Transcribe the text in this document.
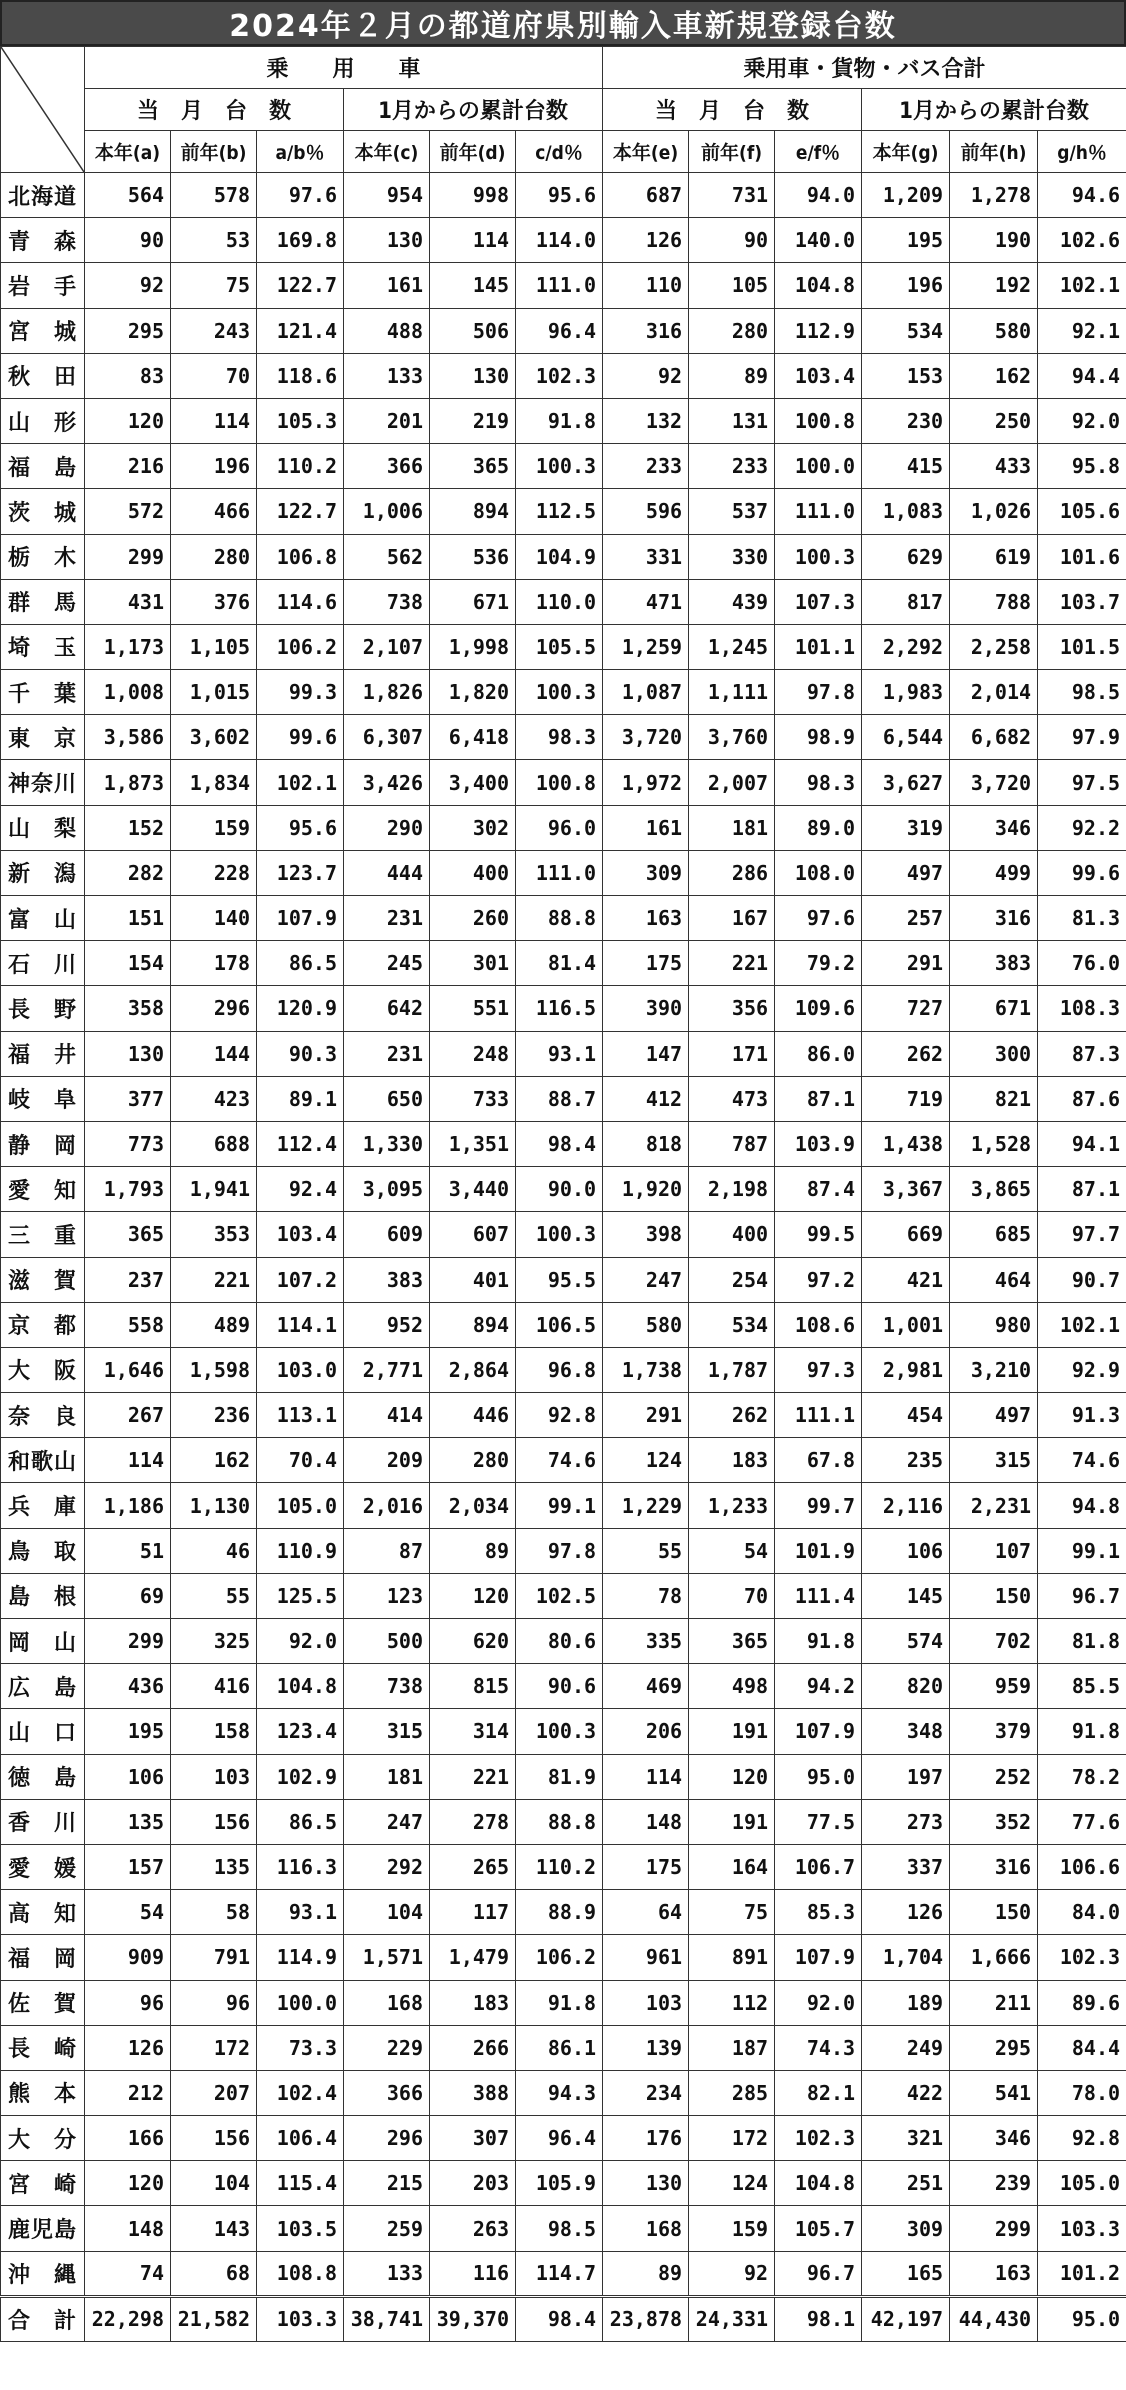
2024年２月の都道府県別輸入車新規登録台数
	乗　　用　　車						乗用車・貨物・バス合計					
	当　月　台　数			1月からの累計台数			当　月　台　数			1月からの累計台数		
	本年(a)	前年(b)	a/b％	本年(c)	前年(d)	c/d％	本年(e)	前年(f)	e/f％	本年(g)	前年(h)	g/h％
北海道	564	578	97.6	954	998	95.6	687	731	94.0	1,209	1,278	94.6
青　森	90	53	169.8	130	114	114.0	126	90	140.0	195	190	102.6
岩　手	92	75	122.7	161	145	111.0	110	105	104.8	196	192	102.1
宮　城	295	243	121.4	488	506	96.4	316	280	112.9	534	580	92.1
秋　田	83	70	118.6	133	130	102.3	92	89	103.4	153	162	94.4
山　形	120	114	105.3	201	219	91.8	132	131	100.8	230	250	92.0
福　島	216	196	110.2	366	365	100.3	233	233	100.0	415	433	95.8
茨　城	572	466	122.7	1,006	894	112.5	596	537	111.0	1,083	1,026	105.6
栃　木	299	280	106.8	562	536	104.9	331	330	100.3	629	619	101.6
群　馬	431	376	114.6	738	671	110.0	471	439	107.3	817	788	103.7
埼　玉	1,173	1,105	106.2	2,107	1,998	105.5	1,259	1,245	101.1	2,292	2,258	101.5
千　葉	1,008	1,015	99.3	1,826	1,820	100.3	1,087	1,111	97.8	1,983	2,014	98.5
東　京	3,586	3,602	99.6	6,307	6,418	98.3	3,720	3,760	98.9	6,544	6,682	97.9
神奈川	1,873	1,834	102.1	3,426	3,400	100.8	1,972	2,007	98.3	3,627	3,720	97.5
山　梨	152	159	95.6	290	302	96.0	161	181	89.0	319	346	92.2
新　潟	282	228	123.7	444	400	111.0	309	286	108.0	497	499	99.6
富　山	151	140	107.9	231	260	88.8	163	167	97.6	257	316	81.3
石　川	154	178	86.5	245	301	81.4	175	221	79.2	291	383	76.0
長　野	358	296	120.9	642	551	116.5	390	356	109.6	727	671	108.3
福　井	130	144	90.3	231	248	93.1	147	171	86.0	262	300	87.3
岐　阜	377	423	89.1	650	733	88.7	412	473	87.1	719	821	87.6
静　岡	773	688	112.4	1,330	1,351	98.4	818	787	103.9	1,438	1,528	94.1
愛　知	1,793	1,941	92.4	3,095	3,440	90.0	1,920	2,198	87.4	3,367	3,865	87.1
三　重	365	353	103.4	609	607	100.3	398	400	99.5	669	685	97.7
滋　賀	237	221	107.2	383	401	95.5	247	254	97.2	421	464	90.7
京　都	558	489	114.1	952	894	106.5	580	534	108.6	1,001	980	102.1
大　阪	1,646	1,598	103.0	2,771	2,864	96.8	1,738	1,787	97.3	2,981	3,210	92.9
奈　良	267	236	113.1	414	446	92.8	291	262	111.1	454	497	91.3
和歌山	114	162	70.4	209	280	74.6	124	183	67.8	235	315	74.6
兵　庫	1,186	1,130	105.0	2,016	2,034	99.1	1,229	1,233	99.7	2,116	2,231	94.8
鳥　取	51	46	110.9	87	89	97.8	55	54	101.9	106	107	99.1
島　根	69	55	125.5	123	120	102.5	78	70	111.4	145	150	96.7
岡　山	299	325	92.0	500	620	80.6	335	365	91.8	574	702	81.8
広　島	436	416	104.8	738	815	90.6	469	498	94.2	820	959	85.5
山　口	195	158	123.4	315	314	100.3	206	191	107.9	348	379	91.8
徳　島	106	103	102.9	181	221	81.9	114	120	95.0	197	252	78.2
香　川	135	156	86.5	247	278	88.8	148	191	77.5	273	352	77.6
愛　媛	157	135	116.3	292	265	110.2	175	164	106.7	337	316	106.6
高　知	54	58	93.1	104	117	88.9	64	75	85.3	126	150	84.0
福　岡	909	791	114.9	1,571	1,479	106.2	961	891	107.9	1,704	1,666	102.3
佐　賀	96	96	100.0	168	183	91.8	103	112	92.0	189	211	89.6
長　崎	126	172	73.3	229	266	86.1	139	187	74.3	249	295	84.4
熊　本	212	207	102.4	366	388	94.3	234	285	82.1	422	541	78.0
大　分	166	156	106.4	296	307	96.4	176	172	102.3	321	346	92.8
宮　崎	120	104	115.4	215	203	105.9	130	124	104.8	251	239	105.0
鹿児島	148	143	103.5	259	263	98.5	168	159	105.7	309	299	103.3
沖　縄	74	68	108.8	133	116	114.7	89	92	96.7	165	163	101.2
合　計	22,298	21,582	103.3	38,741	39,370	98.4	23,878	24,331	98.1	42,197	44,430	95.0
